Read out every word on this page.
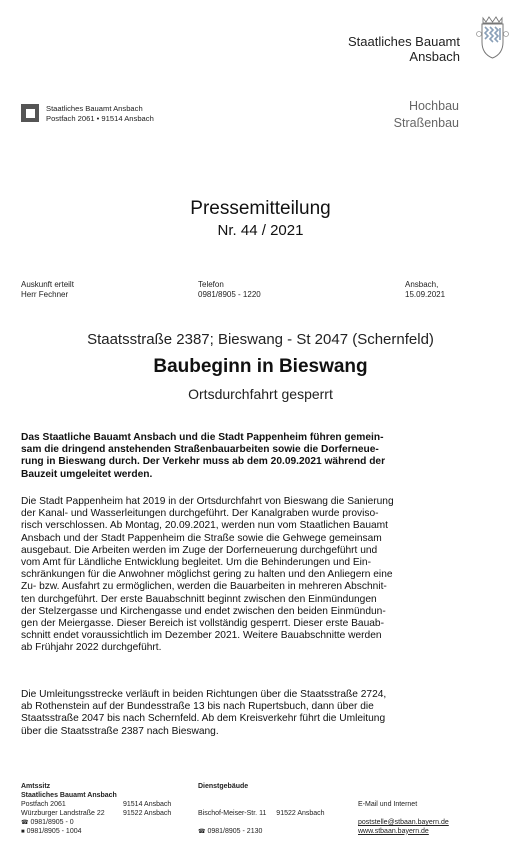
Staatliches Bauamt
Ansbach
Staatliches Bauamt Ansbach
Postfach 2061 • 91514 Ansbach
Hochbau
Straßenbau
Pressemitteilung
Nr. 44 / 2021
Auskunft erteilt
Herr Fechner
Telefon
0981/8905 - 1220
Ansbach,
15.09.2021
Staatsstraße 2387; Bieswang - St 2047 (Schernfeld)
Baubeginn in Bieswang
Ortsdurchfahrt gesperrt
Das Staatliche Bauamt Ansbach und die Stadt Pappenheim führen gemein-
sam die dringend anstehenden Straßenbauarbeiten sowie die Dorferneue-
rung in Bieswang durch. Der Verkehr muss ab dem 20.09.2021 während der
Bauzeit umgeleitet werden.
Die Stadt Pappenheim hat 2019 in der Ortsdurchfahrt von Bieswang die Sanierung
der Kanal- und Wasserleitungen durchgeführt. Der Kanalgraben wurde proviso-
risch verschlossen. Ab Montag, 20.09.2021, werden nun vom Staatlichen Bauamt
Ansbach und der Stadt Pappenheim die Straße sowie die Gehwege gemeinsam
ausgebaut. Die Arbeiten werden im Zuge der Dorferneuerung durchgeführt und
vom Amt für Ländliche Entwicklung begleitet. Um die Behinderungen und Ein-
schränkungen für die Anwohner möglichst gering zu halten und den Anliegern eine
Zu- bzw. Ausfahrt zu ermöglichen, werden die Bauarbeiten in mehreren Abschnit-
ten durchgeführt. Der erste Bauabschnitt beginnt zwischen den Einmündungen
der Stelzergasse und Kirchengasse und endet zwischen den beiden Einmündun-
gen der Meiergasse. Dieser Bereich ist vollständig gesperrt. Dieser erste Bauab-
schnitt endet voraussichtlich im Dezember 2021. Weitere Bauabschnitte werden
ab Frühjahr 2022 durchgeführt.
Die Umleitungsstrecke verläuft in beiden Richtungen über die Staatsstraße 2724,
ab Rothenstein auf der Bundesstraße 13 bis nach Rupertsbuch, dann über die
Staatsstraße 2047 bis nach Schernfeld. Ab dem Kreisverkehr führt die Umleitung
über die Staatsstraße 2387 nach Bieswang.
Amtssitz
Staatliches Bauamt Ansbach
Postfach 2061
Würzburger Landstraße 22
91514 Ansbach
91522 Ansbach
☎ 0981/8905 - 0
■ 0981/8905 - 1004
Dienstgebäude
Bischof-Meiser-Str. 11 91522 Ansbach
☎ 0981/8905 - 2130
E-Mail und Internet
poststelle@stbaan.bayern.de
www.stbaan.bayern.de
